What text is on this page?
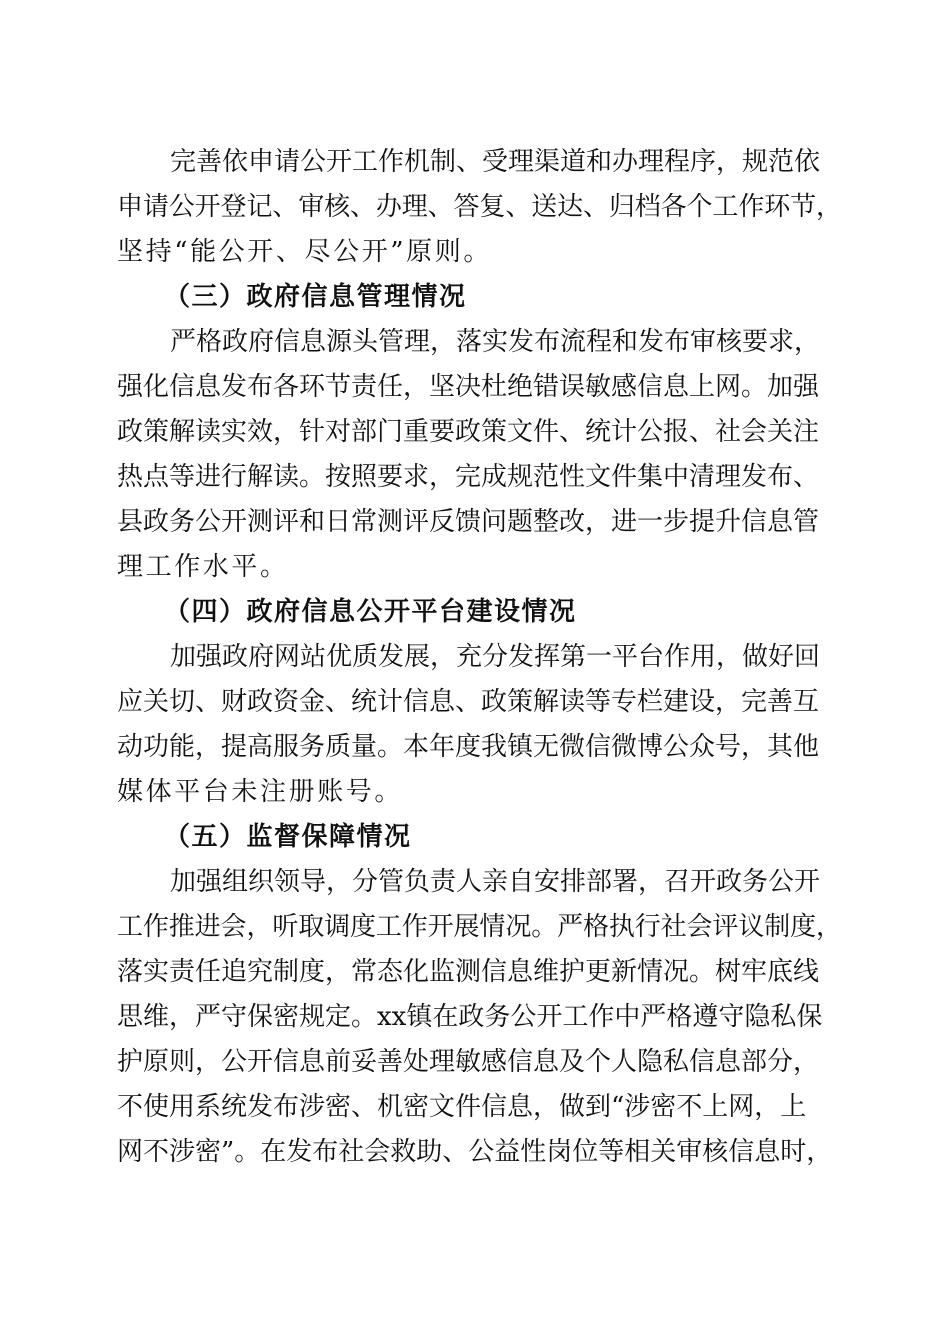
完善依申请公开工作机制、受理渠道和办理程序，规范依
申请公开登记、审核、办理、答复、送达、归档各个工作环节，
坚持“能公开、尽公开”原则。
（三）政府信息管理情况
严格政府信息源头管理，落实发布流程和发布审核要求，
强化信息发布各环节责任，坚决杜绝错误敏感信息上网。加强
政策解读实效，针对部门重要政策文件、统计公报、社会关注
热点等进行解读。按照要求，完成规范性文件集中清理发布、
县政务公开测评和日常测评反馈问题整改，进一步提升信息管
理工作水平。
（四）政府信息公开平台建设情况
加强政府网站优质发展，充分发挥第一平台作用，做好回
应关切、财政资金、统计信息、政策解读等专栏建设，完善互
动功能，提高服务质量。本年度我镇无微信微博公众号，其他
媒体平台未注册账号。
（五）监督保障情况
加强组织领导，分管负责人亲自安排部署，召开政务公开
工作推进会，听取调度工作开展情况。严格执行社会评议制度，
落实责任追究制度，常态化监测信息维护更新情况。树牢底线
思维，严守保密规定。xx镇在政务公开工作中严格遵守隐私保
护原则，公开信息前妥善处理敏感信息及个人隐私信息部分，
不使用系统发布涉密、机密文件信息，做到“涉密不上网，上
网不涉密”。在发布社会救助、公益性岗位等相关审核信息时，
